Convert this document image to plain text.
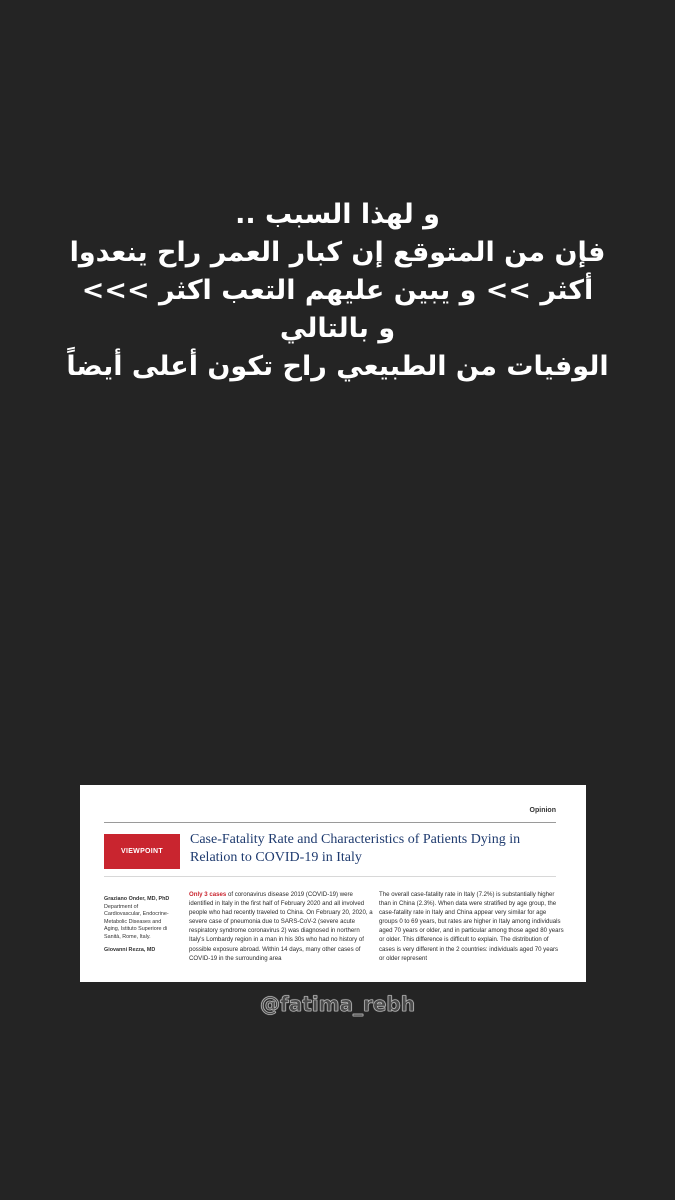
و لهذا السبب ..
فإن من المتوقع إن كبار العمر راح ينعدوا
أكثر >> و يبين عليهم التعب اكثر >>>
و بالتالي
الوفيات من الطبيعي راح تكون أعلى أيضاً
Opinion
VIEWPOINT
Case-Fatality Rate and Characteristics of Patients Dying in Relation to COVID-19 in Italy
Graziano Onder, MD, PhD
Department of Cardiovascular, Endocrine-Metabolic Diseases and Aging, Istituto Superiore di Sanità, Rome, Italy.
Giovanni Rezza, MD
Only 3 cases of coronavirus disease 2019 (COVID-19) were identified in Italy in the first half of February 2020 and all involved people who had recently traveled to China. On February 20, 2020, a severe case of pneumonia due to SARS-CoV-2 (severe acute respiratory syndrome coronavirus 2) was diagnosed in northern Italy's Lombardy region in a man in his 30s who had no history of possible exposure abroad. Within 14 days, many other cases of COVID-19 in the surrounding area
The overall case-fatality rate in Italy (7.2%) is substantially higher than in China (2.3%). When data were stratified by age group, the case-fatality rate in Italy and China appear very similar for age groups 0 to 69 years, but rates are higher in Italy among individuals aged 70 years or older, and in particular among those aged 80 years or older. This difference is difficult to explain. The distribution of cases is very different in the 2 countries: individuals aged 70 years or older represent
@fatima_rebh
